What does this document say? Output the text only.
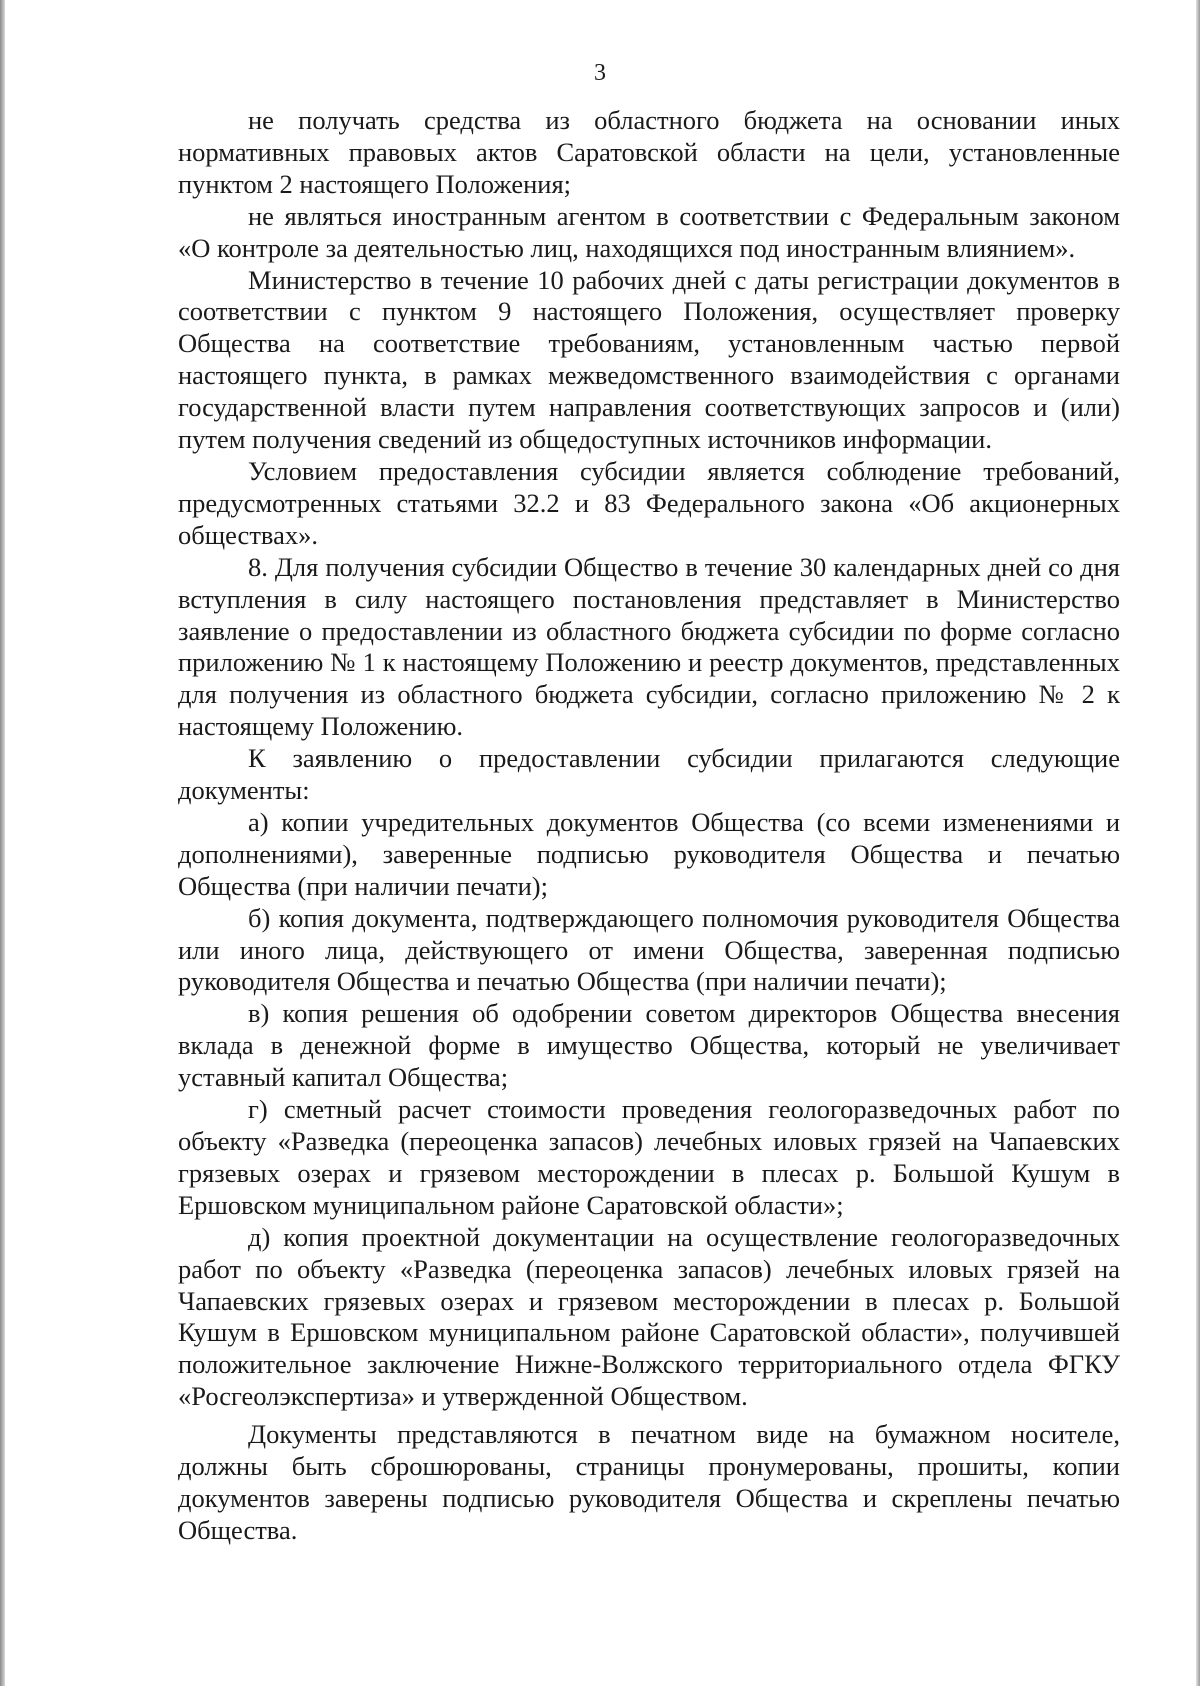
3

не получать средства из областного бюджета на основании иных нормативных правовых актов Саратовской области на цели, установленные пунктом 2 настоящего Положения;

не являться иностранным агентом в соответствии с Федеральным законом «О контроле за деятельностью лиц, находящихся под иностранным влиянием».

Министерство в течение 10 рабочих дней с даты регистрации документов в соответствии с пунктом 9 настоящего Положения, осуществляет проверку Общества на соответствие требованиям, установленным частью первой настоящего пункта, в рамках межведомственного взаимодействия с органами государственной власти путем направления соответствующих запросов и (или) путем получения сведений из общедоступных источников информации.

Условием предоставления субсидии является соблюдение требований, предусмотренных статьями 32.2 и 83 Федерального закона «Об акционерных обществах».

8. Для получения субсидии Общество в течение 30 календарных дней со дня вступления в силу настоящего постановления представляет в Министерство заявление о предоставлении из областного бюджета субсидии по форме согласно приложению № 1 к настоящему Положению и реестр документов, представленных для получения из областного бюджета субсидии, согласно приложению № 2 к настоящему Положению.

К заявлению о предоставлении субсидии прилагаются следующие документы:

а) копии учредительных документов Общества (со всеми изменениями и дополнениями), заверенные подписью руководителя Общества и печатью Общества (при наличии печати);

б) копия документа, подтверждающего полномочия руководителя Общества или иного лица, действующего от имени Общества, заверенная подписью руководителя Общества и печатью Общества (при наличии печати);

в) копия решения об одобрении советом директоров Общества внесения вклада в денежной форме в имущество Общества, который не увеличивает уставный капитал Общества;

г) сметный расчет стоимости проведения геологоразведочных работ по объекту «Разведка (переоценка запасов) лечебных иловых грязей на Чапаевских грязевых озерах и грязевом месторождении в плесах р. Большой Кушум в Ершовском муниципальном районе Саратовской области»;

д) копия проектной документации на осуществление геологоразведочных работ по объекту «Разведка (переоценка запасов) лечебных иловых грязей на Чапаевских грязевых озерах и грязевом месторождении в плесах р. Большой Кушум в Ершовском муниципальном районе Саратовской области», получившей положительное заключение Нижне-Волжского территориального отдела ФГКУ «Росгеолэкспертиза» и утвержденной Обществом.

Документы представляются в печатном виде на бумажном носителе, должны быть сброшюрованы, страницы пронумерованы, прошиты, копии документов заверены подписью руководителя Общества и скреплены печатью Общества.
